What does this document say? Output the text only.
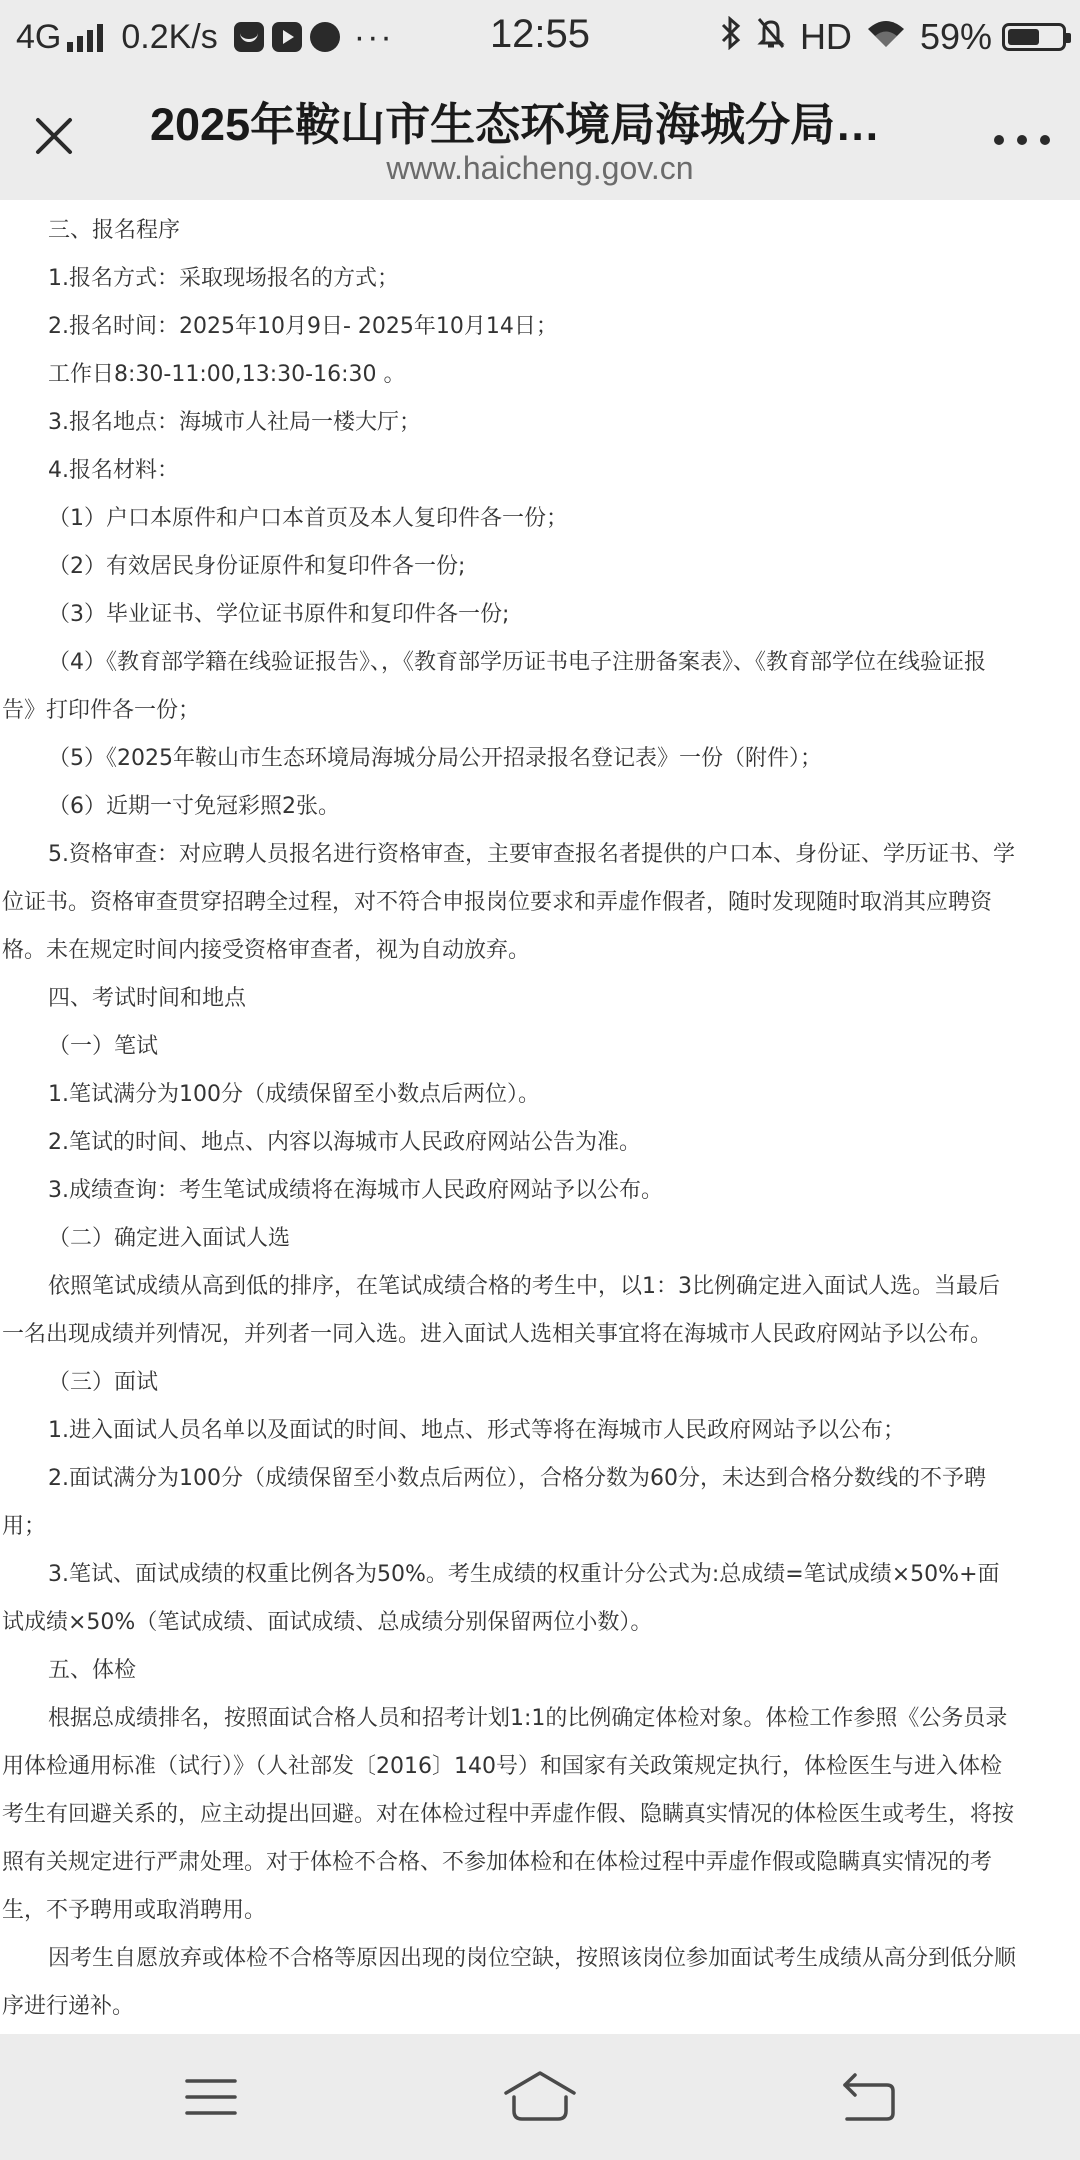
4G 0.2K/s	···	12:55	HD 59%
2025年鞍山市生态环境局海城分局…
www.haicheng.gov.cn

三、报名程序

1.报名方式：采取现场报名的方式；

2.报名时间：2025年10月9日- 2025年10月14日；

工作日8:30-11:00,13:30-16:30 。

3.报名地点：海城市人社局一楼大厅；

4.报名材料：

（1）户口本原件和户口本首页及本人复印件各一份；

（2）有效居民身份证原件和复印件各一份;

（3）毕业证书、学位证书原件和复印件各一份;

（4）《教育部学籍在线验证报告》、，《教育部学历证书电子注册备案表》、《教育部学位在线验证报告》打印件各一份；

（5）《2025年鞍山市生态环境局海城分局公开招录报名登记表》一份（附件）；

（6）近期一寸免冠彩照2张。

5.资格审查：对应聘人员报名进行资格审查，主要审查报名者提供的户口本、身份证、学历证书、学位证书。资格审查贯穿招聘全过程，对不符合申报岗位要求和弄虚作假者，随时发现随时取消其应聘资格。未在规定时间内接受资格审查者，视为自动放弃。

四、考试时间和地点

（一）笔试

1.笔试满分为100分（成绩保留至小数点后两位）。

2.笔试的时间、地点、内容以海城市人民政府网站公告为准。

3.成绩查询：考生笔试成绩将在海城市人民政府网站予以公布。

（二）确定进入面试人选

依照笔试成绩从高到低的排序，在笔试成绩合格的考生中，以1：3比例确定进入面试人选。当最后一名出现成绩并列情况，并列者一同入选。进入面试人选相关事宜将在海城市人民政府网站予以公布。

（三）面试

1.进入面试人员名单以及面试的时间、地点、形式等将在海城市人民政府网站予以公布；

2.面试满分为100分（成绩保留至小数点后两位），合格分数为60分，未达到合格分数线的不予聘用；

3.笔试、面试成绩的权重比例各为50%。考生成绩的权重计分公式为:总成绩=笔试成绩×50%+面试成绩×50%（笔试成绩、面试成绩、总成绩分别保留两位小数）。

五、体检

根据总成绩排名，按照面试合格人员和招考计划1:1的比例确定体检对象。体检工作参照《公务员录用体检通用标准（试行）》（人社部发〔2016〕140号）和国家有关政策规定执行，体检医生与进入体检考生有回避关系的，应主动提出回避。对在体检过程中弄虚作假、隐瞒真实情况的体检医生或考生，将按照有关规定进行严肃处理。对于体检不合格、不参加体检和在体检过程中弄虚作假或隐瞒真实情况的考生，不予聘用或取消聘用。

因考生自愿放弃或体检不合格等原因出现的岗位空缺，按照该岗位参加面试考生成绩从高分到低分顺序进行递补。
